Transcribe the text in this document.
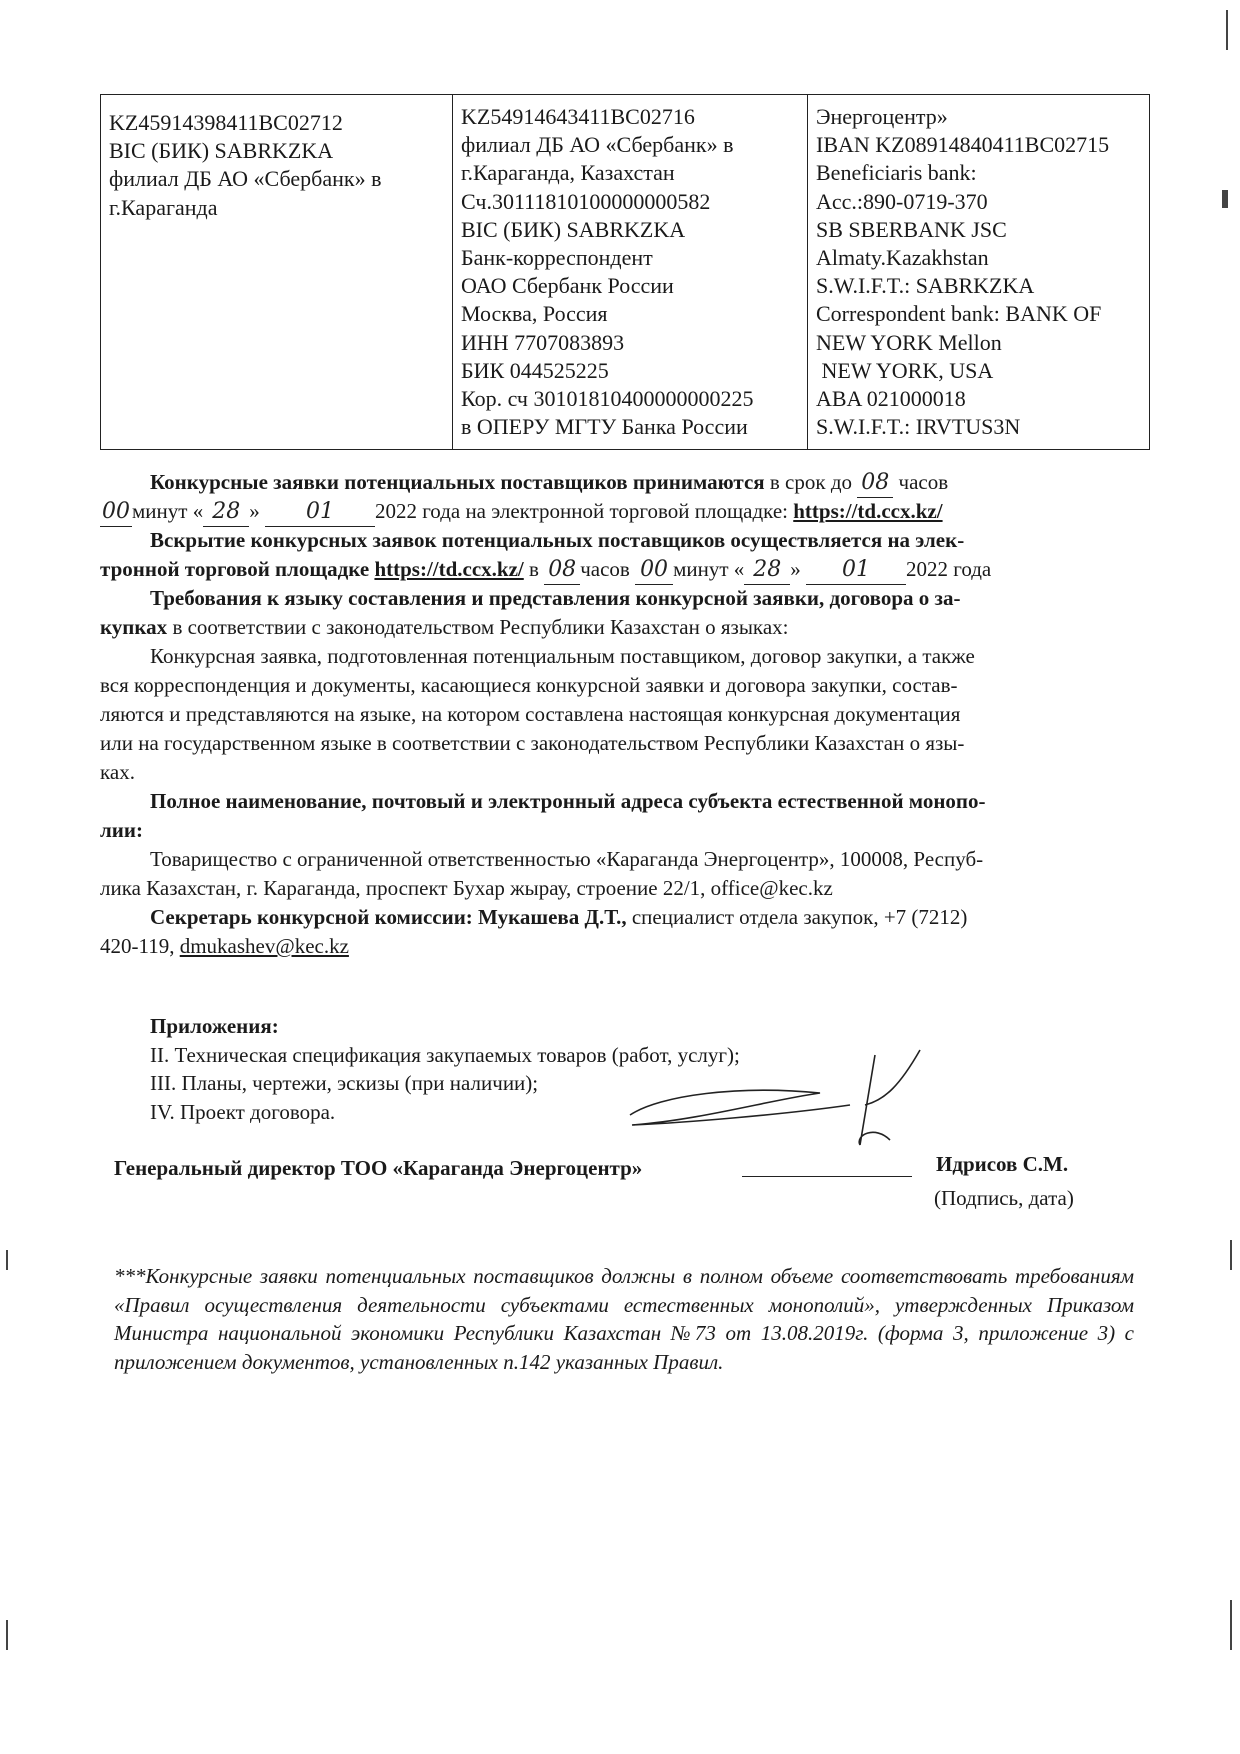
KZ45914398411BC02712
BIC (БИК) SABRKZKA
филиал ДБ АО «Сбербанк» в
г.Караганда
KZ54914643411BC02716
филиал ДБ АО «Сбербанк» в
г.Караганда, Казахстан
Сч.30111810100000000582
BIC (БИК) SABRKZKA
Банк-корреспондент
ОАО Сбербанк России
Москва, Россия
ИНН 7707083893
БИК 044525225
Кор. сч 30101810400000000225
в ОПЕРУ МГТУ Банка России
Энергоцентр»
IBAN KZ08914840411BC02715
Beneficiaris bank:
Acc.:890-0719-370
SB SBERBANK JSC
Almaty.Kazakhstan
S.W.I.F.T.: SABRKZKA
Correspondent bank: BANK OF
NEW YORK Mellon
NEW YORK, USA
ABA 021000018
S.W.I.F.T.: IRVTUS3N
Конкурсные заявки потенциальных поставщиков принимаются в срок до 08 часов
00минут « 28 » 01 2022 года на электронной торговой площадке: https://td.ccx.kz/
Вскрытие конкурсных заявок потенциальных поставщиков осуществляется на элек-
тронной торговой площадке https://td.ccx.kz/ в 08 часов 00 минут « 28 » 01 2022 года
Требования к языку составления и представления конкурсной заявки, договора о за-
купках в соответствии с законодательством Республики Казахстан о языках:
Конкурсная заявка, подготовленная потенциальным поставщиком, договор закупки, а также
вся корреспонденция и документы, касающиеся конкурсной заявки и договора закупки, состав-
ляются и представляются на языке, на котором составлена настоящая конкурсная документация
или на государственном языке в соответствии с законодательством Республики Казахстан о язы-
ках.
Полное наименование, почтовый и электронный адреса субъекта естественной монопо-
лии:
Товарищество с ограниченной ответственностью «Караганда Энергоцентр», 100008, Респуб-
лика Казахстан, г. Караганда, проспект Бухар жырау, строение 22/1, office@kec.kz
Секретарь конкурсной комиссии: Мукашева Д.Т., специалист отдела закупок, +7 (7212)
420-119, dmukashev@kec.kz
Приложения:
II. Техническая спецификация закупаемых товаров (работ, услуг);
III. Планы, чертежи, эскизы (при наличии);
IV. Проект договора.
Генеральный директор ТОО «Караганда Энергоцентр»	Идрисов С.М.
(Подпись, дата)
***Конкурсные заявки потенциальных поставщиков должны в полном объеме соответствовать требованиям «Правил осуществления деятельности субъектами естественных монополий», утвержденных Приказом Министра национальной экономики Республики Казахстан №73 от 13.08.2019г. (форма 3, приложение 3) с приложением документов, установленных п.142 указанных Правил.
